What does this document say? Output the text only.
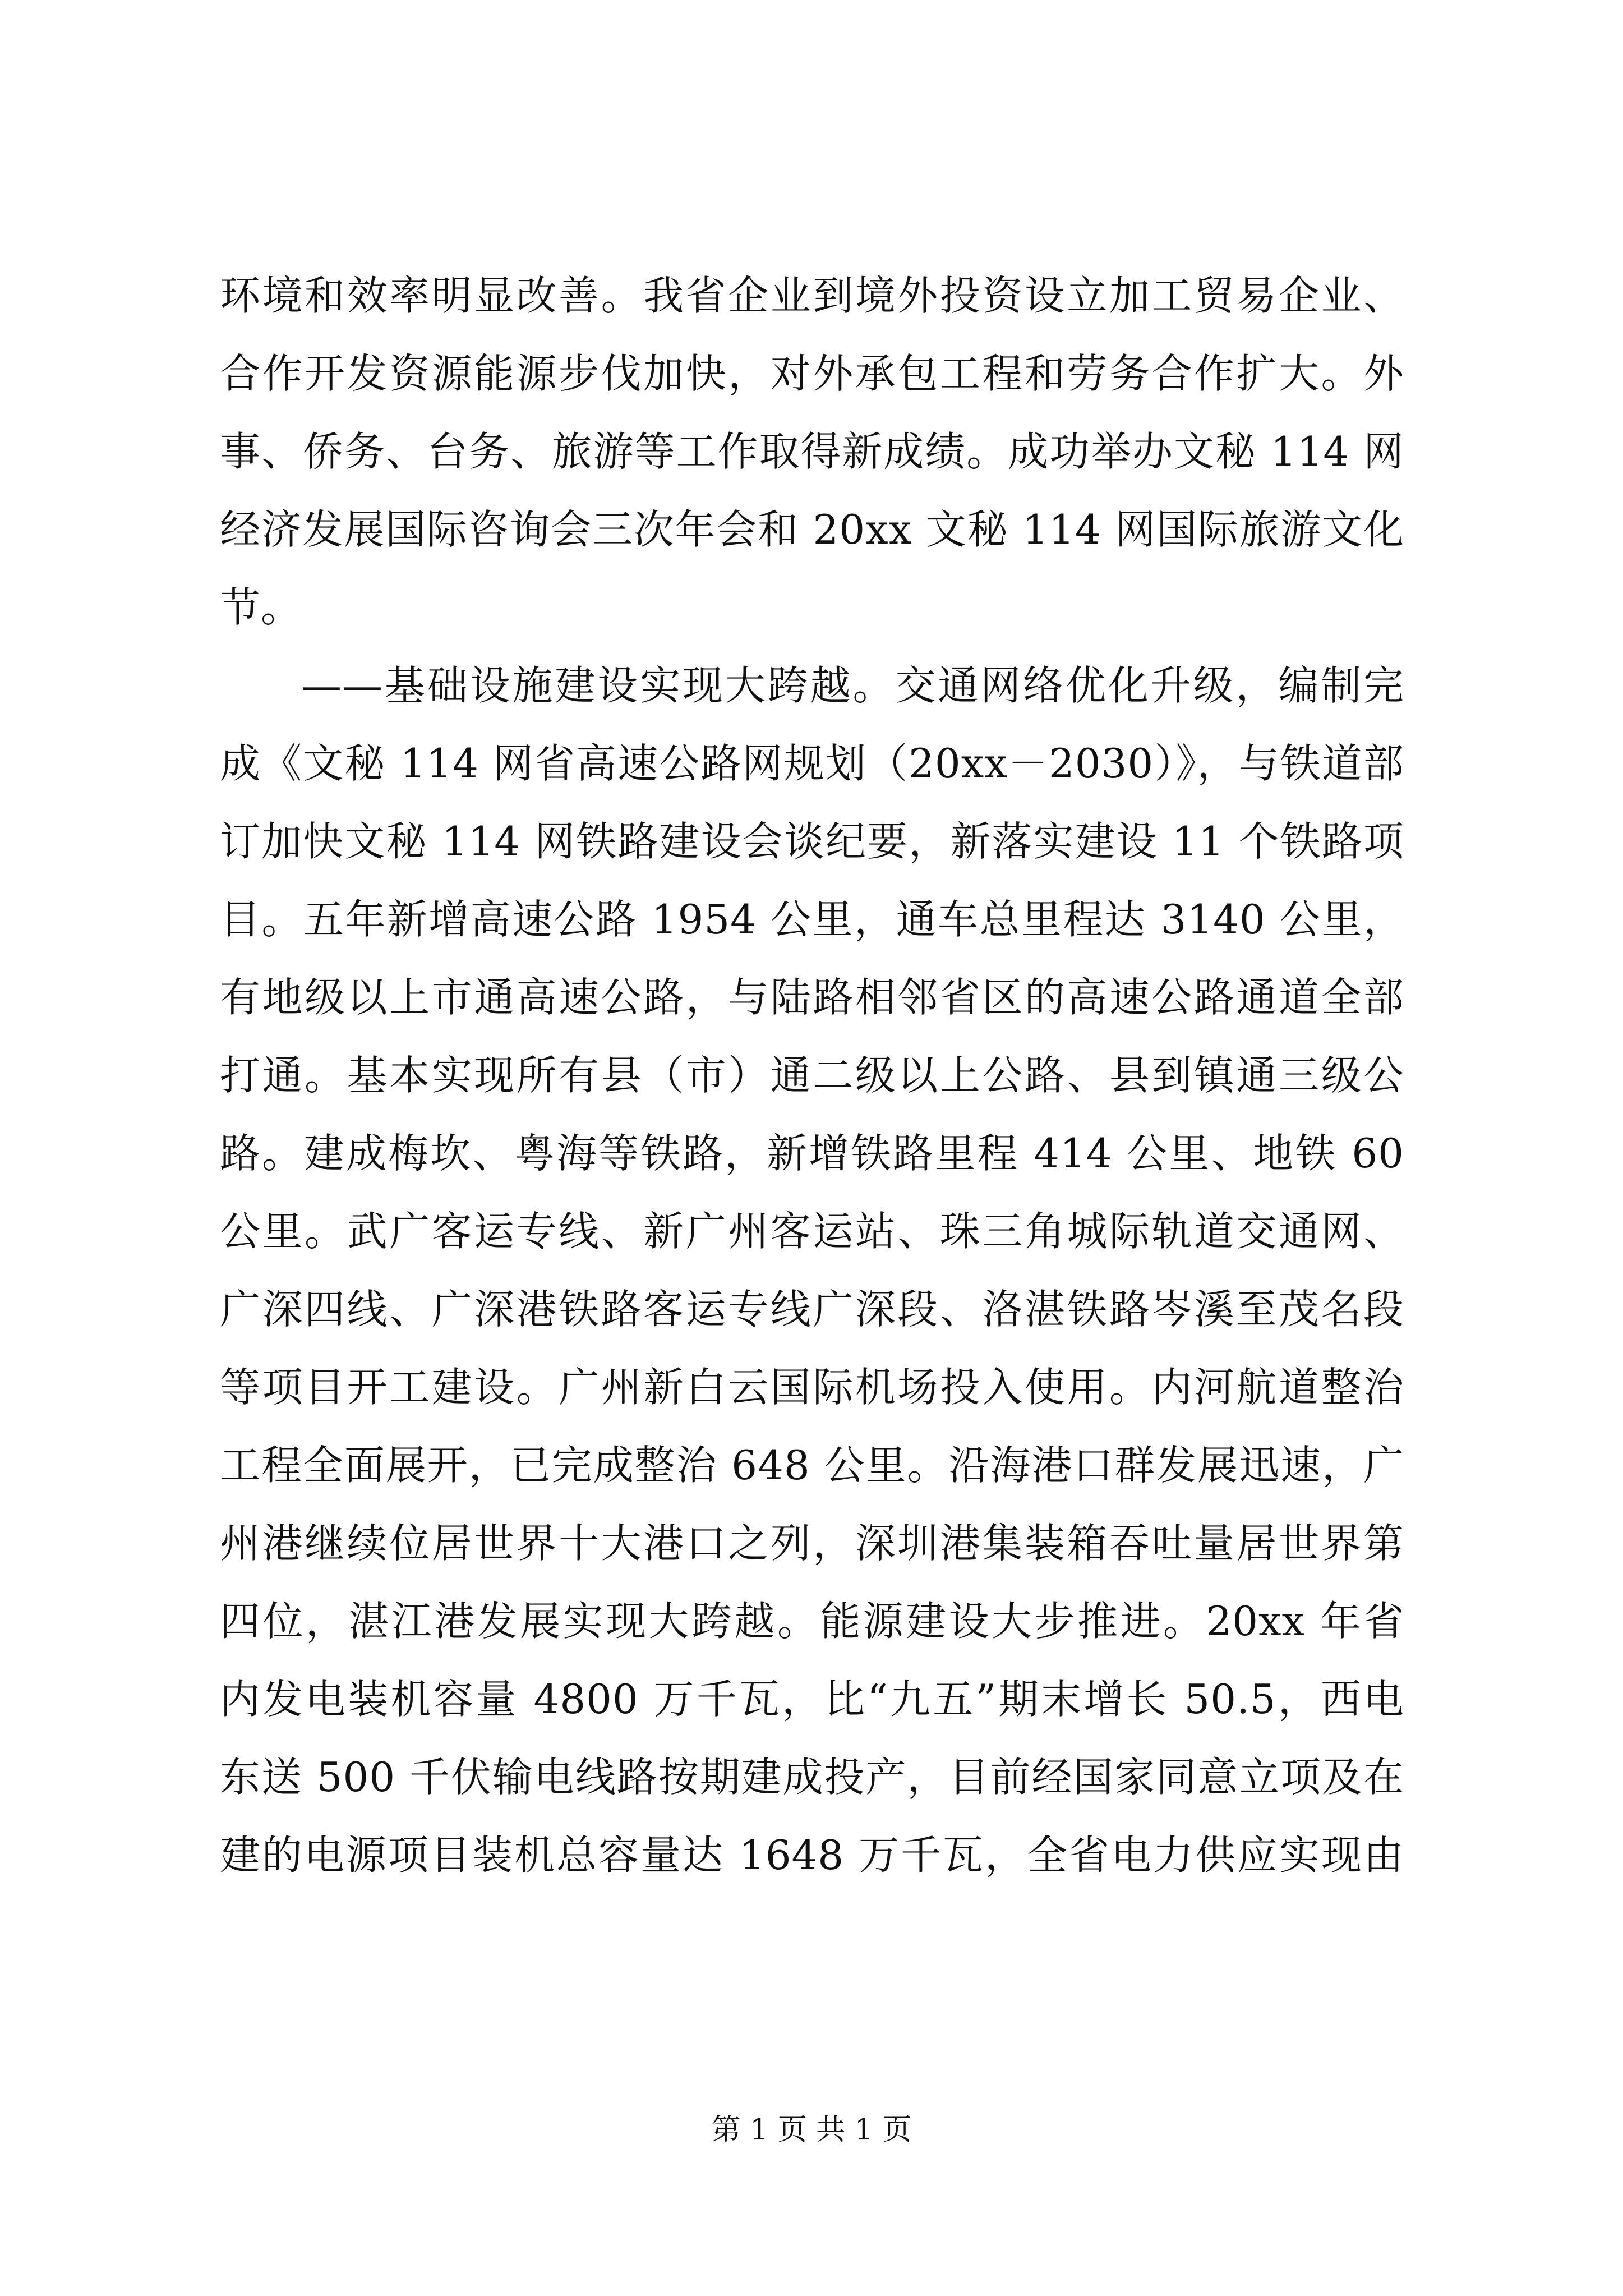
环境和效率明显改善。我省企业到境外投资设立加工贸易企业、
合作开发资源能源步伐加快，对外承包工程和劳务合作扩大。外
事、侨务、台务、旅游等工作取得新成绩。成功举办文秘 114 网
经济发展国际咨询会三次年会和 20xx 文秘 114 网国际旅游文化
节。
——基础设施建设实现大跨越。交通网络优化升级，编制完
成《文秘 114 网省高速公路网规划（20xx－2030）》，与铁道部
订加快文秘 114 网铁路建设会谈纪要，新落实建设 11 个铁路项
目。五年新增高速公路 1954 公里，通车总里程达 3140 公里，
有地级以上市通高速公路，与陆路相邻省区的高速公路通道全部
打通。基本实现所有县（市）通二级以上公路、县到镇通三级公
路。建成梅坎、粤海等铁路，新增铁路里程 414 公里、地铁 60
公里。武广客运专线、新广州客运站、珠三角城际轨道交通网、
广深四线、广深港铁路客运专线广深段、洛湛铁路岑溪至茂名段
等项目开工建设。广州新白云国际机场投入使用。内河航道整治
工程全面展开，已完成整治 648 公里。沿海港口群发展迅速，广
州港继续位居世界十大港口之列，深圳港集装箱吞吐量居世界第
四位，湛江港发展实现大跨越。能源建设大步推进。20xx 年省
内发电装机容量 4800 万千瓦，比“九五”期末增长 50.5，西电
东送 500 千伏输电线路按期建成投产，目前经国家同意立项及在
建的电源项目装机总容量达 1648 万千瓦，全省电力供应实现由
第 1 页 共 1 页
